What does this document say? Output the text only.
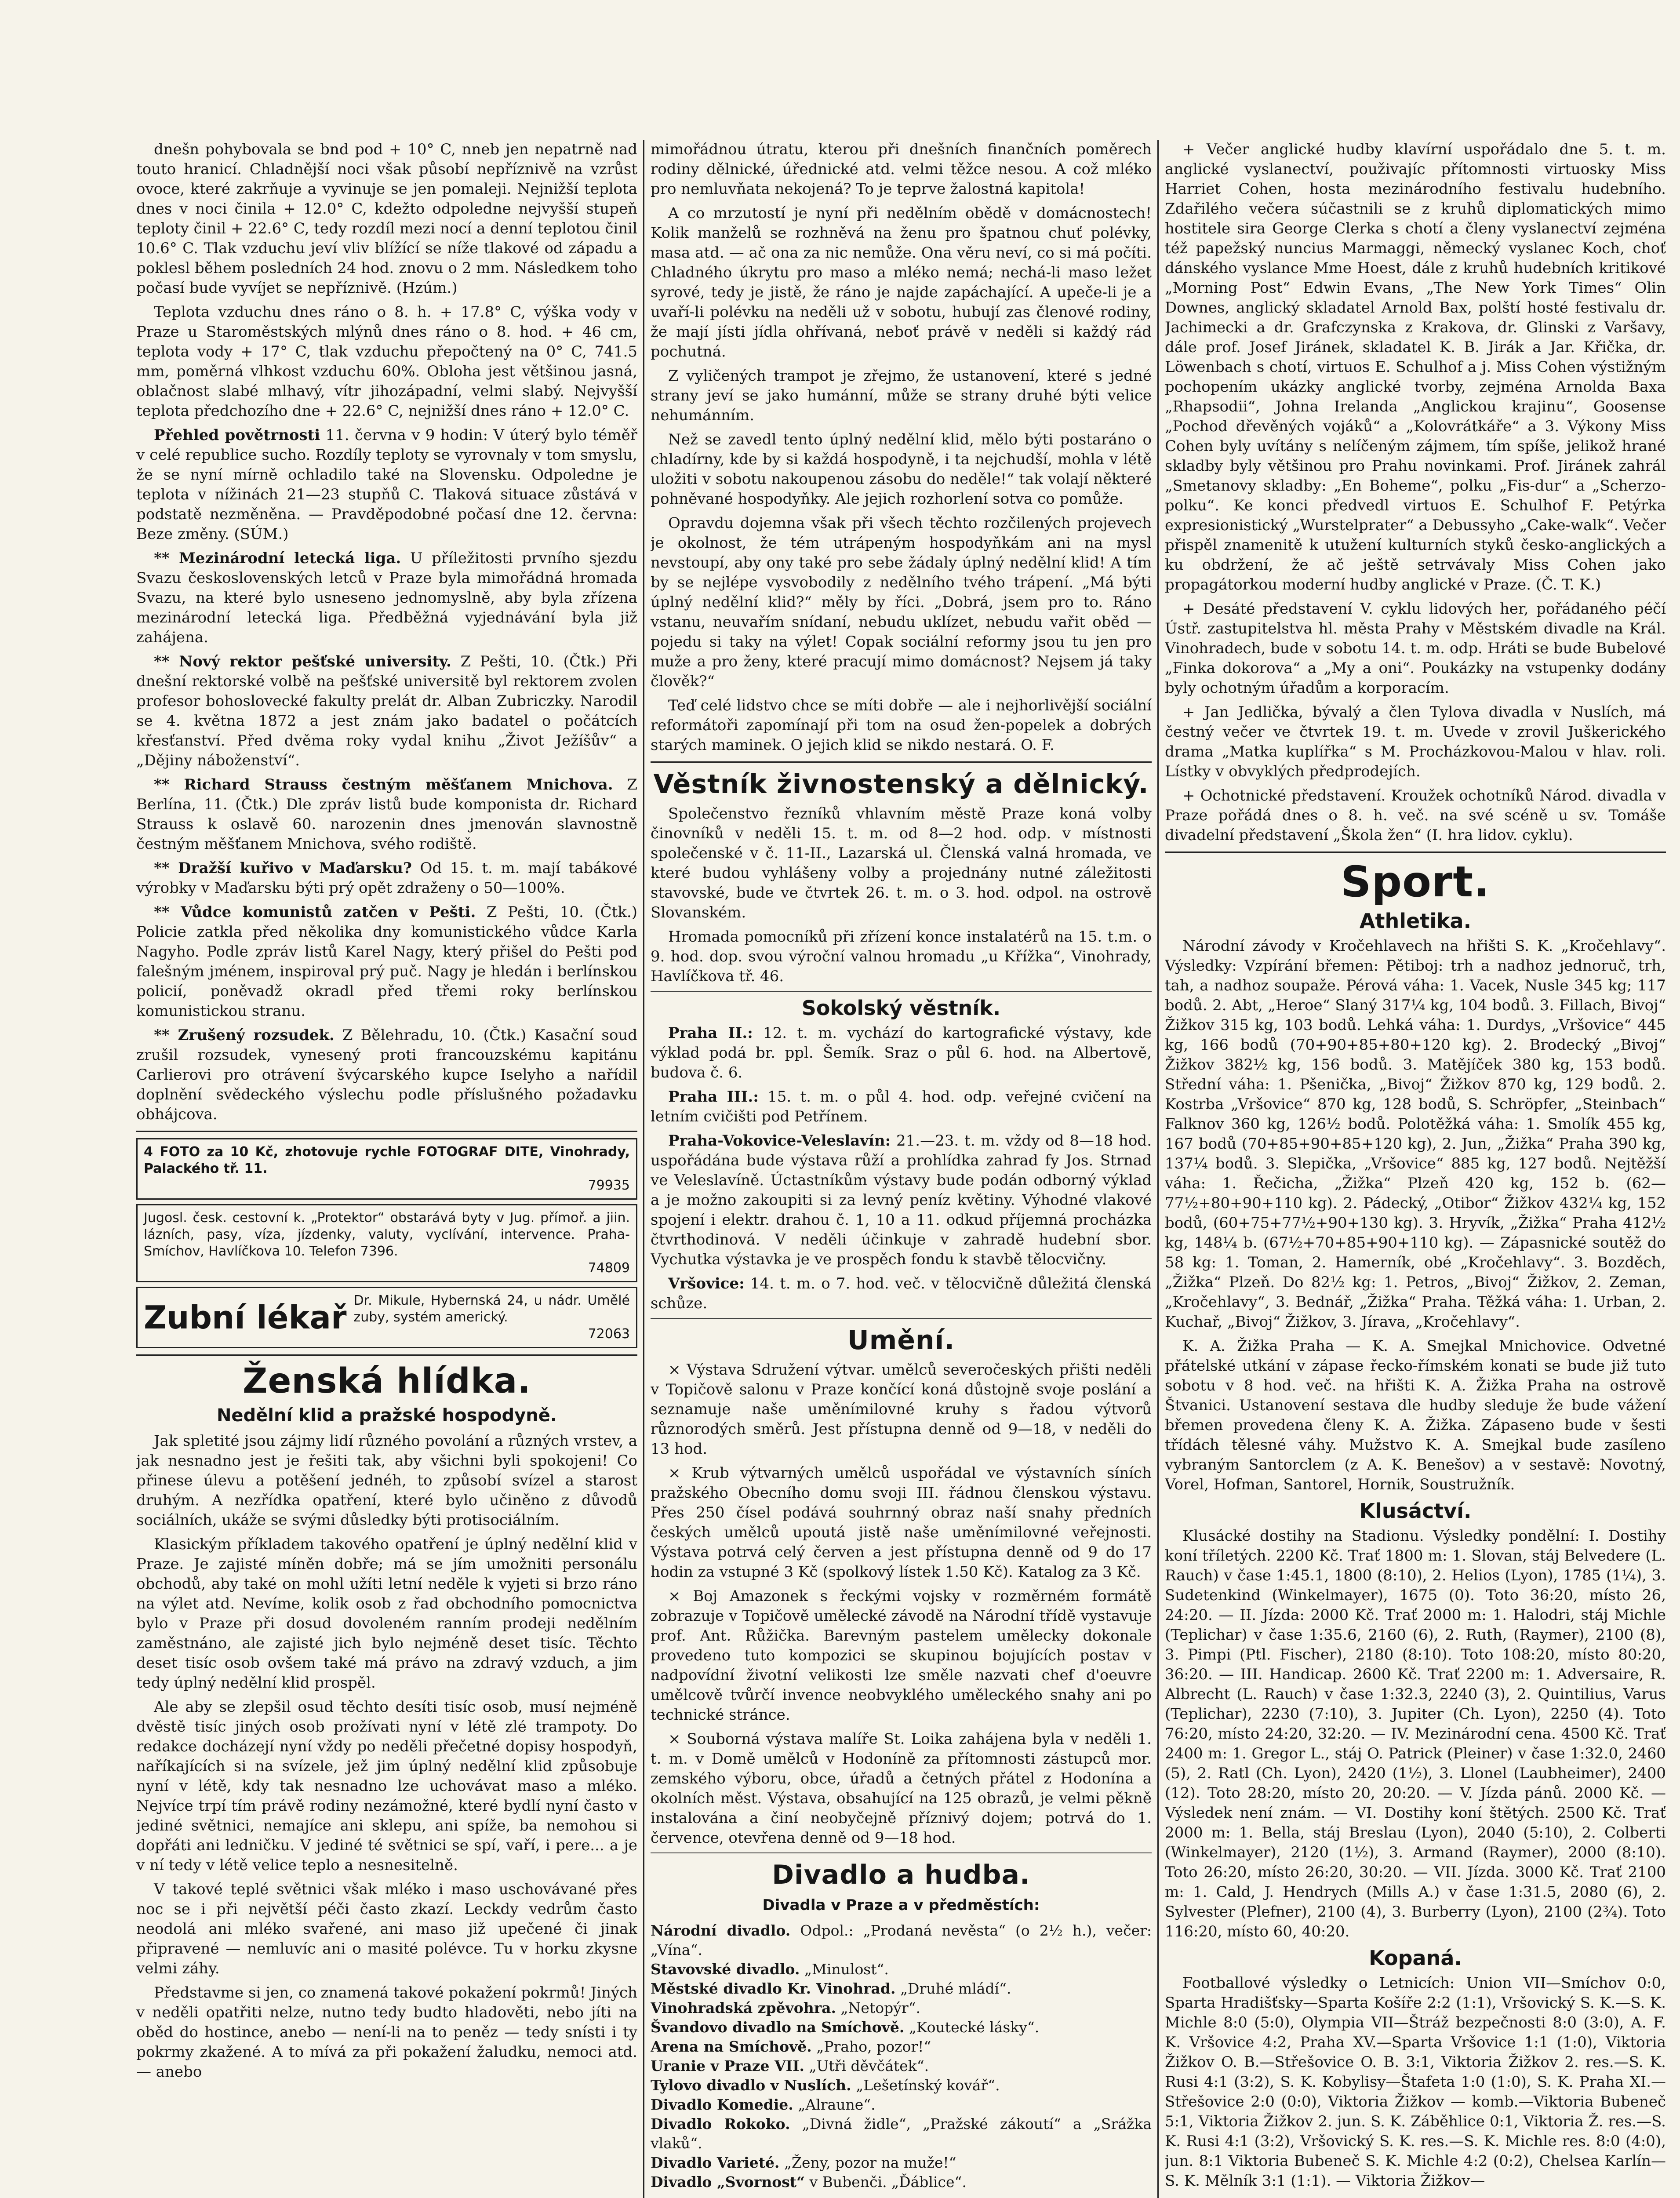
dnešn pohybovala se bnd pod + 10° C, nneb jen nepatrně nad touto hranicí. Chladnější noci však působí nepříznivě na vzrůst ovoce, které zakrňuje a vyvinuje se jen pomaleji. Nejnižší teplota dnes v noci činila + 12.0° C, kdežto odpoledne nejvyšší stupeň teploty činil + 22.6° C, tedy rozdíl mezi nocí a denní teplotou činil 10.6° C. Tlak vzduchu jeví vliv blížící se níže tlakové od západu a poklesl během posledních 24 hod. znovu o 2 mm. Následkem toho počasí bude vyvíjet se nepříznivě. (Hzúm.)

Teplota vzduchu dnes ráno o 8. h. + 17.8° C, výška vody v Praze u Staroměstských mlýnů dnes ráno o 8. hod. + 46 cm, teplota vody + 17° C, tlak vzduchu přepočtený na 0° C, 741.5 mm, poměrná vlhkost vzduchu 60%. Obloha jest většinou jasná, oblačnost slabé mlhavý, vítr jihozápadní, velmi slabý. Nejvyšší teplota předchozího dne + 22.6° C, nejnižší dnes ráno + 12.0° C.

Přehled povětrnosti 11. června v 9 hodin: V úterý bylo téměř v celé republice sucho. Rozdíly teploty se vyrovnaly v tom smyslu, že se nyní mírně ochladilo také na Slovensku. Odpoledne je teplota v nížinách 21—23 stupňů C. Tlaková situace zůstává v podstatě nezměněna. — Pravděpodobné počasí dne 12. června: Beze změny. (SÚM.)

** Mezinárodní letecká liga. U příležitosti prvního sjezdu Svazu československých letců v Praze byla mimořádná hromada Svazu, na které bylo usneseno jednomyslně, aby byla zřízena mezinárodní letecká liga. Předběžná vyjednávání byla již zahájena.

** Nový rektor pešťské university. Z Pešti, 10. (Čtk.) Při dnešní rektorské volbě na pešťské universitě byl rektorem zvolen profesor bohoslovecké fakulty prelát dr. Alban Zubriczky. Narodil se 4. května 1872 a jest znám jako badatel o počátcích křesťanství. Před dvěma roky vydal knihu „Život Ježíšův“ a „Dějiny náboženství“.

** Richard Strauss čestným měšťanem Mnichova. Z Berlína, 11. (Čtk.) Dle zpráv listů bude komponista dr. Richard Strauss k oslavě 60. narozenin dnes jmenován slavnostně čestným měšťanem Mnichova, svého rodiště.

** Dražší kuřivo v Maďarsku? Od 15. t. m. mají tabákové výrobky v Maďarsku býti prý opět zdraženy o 50—100%.

** Vůdce komunistů zatčen v Pešti. Z Pešti, 10. (Čtk.) Policie zatkla před několika dny komunistického vůdce Karla Nagyho. Podle zpráv listů Karel Nagy, který přišel do Pešti pod falešným jménem, inspiroval prý puč. Nagy je hledán i berlínskou policií, poněvadž okradl před třemi roky berlínskou komunistickou stranu.

** Zrušený rozsudek. Z Bělehradu, 10. (Čtk.) Kasační soud zrušil rozsudek, vynesený proti francouzskému kapitánu Carlierovi pro otrávení švýcarského kupce Iselyho a nařídil doplnění svědeckého výslechu podle příslušného požadavku obhájcova.

4 FOTO za 10 Kč, zhotovuje rychle FOTOGRAF DITE, Vinohrady, Palackého tř. 11.
79935
Jugosl. česk. cestovní k. „Protektor“ obstarává byty v Jug. přímoř. a jiin. lázních, pasy, víza, jízdenky, valuty, vyclívání, intervence. Praha-Smíchov, Havlíčkova 10. Telefon 7396.
74809
Zubní lékař Dr. Mikule, Hybernská 24, u nádr. Umělé zuby, systém americký.
72063
Ženská hlídka.
Nedělní klid a pražské hospodyně.

Jak spletité jsou zájmy lidí různého povolání a různých vrstev, a jak nesnadno jest je řešiti tak, aby všichni byli spokojeni! Co přinese úlevu a potěšení jednéh, to způsobí svízel a starost druhým. A nezřídka opatření, které bylo učiněno z důvodů sociálních, ukáže se svými důsledky býti protisociálním.

Klasickým příkladem takového opatření je úplný nedělní klid v Praze. Je zajisté míněn dobře; má se jím umožniti personálu obchodů, aby také on mohl užíti letní neděle k vyjeti si brzo ráno na výlet atd. Nevíme, kolik osob z řad obchodního pomocnictva bylo v Praze při dosud dovoleném ranním prodeji nedělním zaměstnáno, ale zajisté jich bylo nejméně deset tisíc. Těchto deset tisíc osob ovšem také má právo na zdravý vzduch, a jim tedy úplný nedělní klid prospěl.

Ale aby se zlepšil osud těchto desíti tisíc osob, musí nejméně dvěstě tisíc jiných osob prožívati nyní v létě zlé trampoty. Do redakce docházejí nyní vždy po neděli přečetné dopisy hospodyň, naříkajících si na svízele, jež jim úplný nedělní klid způsobuje nyní v létě, kdy tak nesnadno lze uchovávat maso a mléko. Nejvíce trpí tím právě rodiny nezámožné, které bydlí nyní často v jediné světnici, nemajíce ani sklepu, ani spíže, ba nemohou si dopřáti ani ledničku. V jediné té světnici se spí, vaří, i pere... a je v ní tedy v létě velice teplo a nesnesitelně.

V takové teplé světnici však mléko i maso uschovávané přes noc se i při největší péči často zkazí. Leckdy vedrům často neodolá ani mléko svařené, ani maso již upečené či jinak připravené — nemluvíc ani o masité polévce. Tu v horku zkysne velmi záhy.

Představme si jen, co znamená takové pokažení pokrmů! Jiných v neděli opatřiti nelze, nutno tedy budto hladověti, nebo jíti na oběd do hostince, anebo — není-li na to peněz — tedy snísti i ty pokrmy zkažené. A to mívá za při pokažení žaludku, nemoci atd. — anebo

mimořádnou útratu, kterou při dnešních finančních poměrech rodiny dělnické, úřednické atd. velmi těžce nesou. A což mléko pro nemluvňata nekojená? To je teprve žalostná kapitola!

A co mrzutostí je nyní při nedělním obědě v domácnostech! Kolik manželů se rozhněvá na ženu pro špatnou chuť polévky, masa atd. — ač ona za nic nemůže. Ona věru neví, co si má počíti. Chladného úkrytu pro maso a mléko nemá; nechá-li maso ležet syrové, tedy je jistě, že ráno je najde zapáchající. A upeče-li je a uvaří-li polévku na neděli už v sobotu, hubují zas členové rodiny, že mají jísti jídla ohřívaná, neboť právě v neděli si každý rád pochutná.

Z vyličených trampot je zřejmo, že ustanovení, které s jedné strany jeví se jako humánní, může se strany druhé býti velice nehumánním.

Než se zavedl tento úplný nedělní klid, mělo býti postaráno o chladírny, kde by si každá hospodyně, i ta nejchudší, mohla v létě uložiti v sobotu nakoupenou zásobu do neděle!“ tak volají některé pohněvané hospodyňky. Ale jejich rozhorlení sotva co pomůže.

Opravdu dojemna však při všech těchto rozčilených projevech je okolnost, že tém utrápeným hospodyňkám ani na mysl nevstoupí, aby ony také pro sebe žádaly úplný nedělní klid! A tím by se nejlépe vysvobodily z nedělního tvého trápení. „Má býti úplný nedělní klid?“ měly by říci. „Dobrá, jsem pro to. Ráno vstanu, neuvařím snídaní, nebudu uklízet, nebudu vařit oběd — pojedu si taky na výlet! Copak sociální reformy jsou tu jen pro muže a pro ženy, které pracují mimo domácnost? Nejsem já taky člověk?“

Teď celé lidstvo chce se míti dobře — ale i nejhorlivější sociální reformátoři zapomínají při tom na osud žen-popelek a dobrých starých maminek. O jejich klid se nikdo nestará. O. F.

Věstník živnostenský a dělnický.

Společenstvo řezníků vhlavním městě Praze koná volby činovníků v neděli 15. t. m. od 8—2 hod. odp. v místnosti společenské v č. 11-II., Lazarská ul. Členská valná hromada, ve které budou vyhlášeny volby a projednány nutné záležitosti stavovské, bude ve čtvrtek 26. t. m. o 3. hod. odpol. na ostrově Slovanském.

Hromada pomocníků při zřízení konce instalatérů na 15. t.m. o 9. hod. dop. svou výroční valnou hromadu „u Křížka“, Vinohrady, Havlíčkova tř. 46.

Sokolský věstník.

Praha II.: 12. t. m. vychází do kartografické výstavy, kde výklad podá br. ppl. Šemík. Sraz o půl 6. hod. na Albertově, budova č. 6.

Praha III.: 15. t. m. o půl 4. hod. odp. veřejné cvičení na letním cvičišti pod Petřínem.

Praha-Vokovice-Veleslavín: 21.—23. t. m. vždy od 8—18 hod. uspořádána bude výstava růží a prohlídka zahrad fy Jos. Strnad ve Veleslavíně. Úctastníkům výstavy bude podán odborný výklad a je možno zakoupiti si za levný peníz květiny. Výhodné vlakové spojení i elektr. drahou č. 1, 10 a 11. odkud příjemná procházka čtvrthodinová. V neděli účinkuje v zahradě hudební sbor. Vychutka výstavka je ve prospěch fondu k stavbě tělocvičny.

Vršovice: 14. t. m. o 7. hod. več. v tělocvičně důležitá členská schůze.

Umění.

× Výstava Sdružení výtvar. umělců severočeských přišti neděli v Topičově salonu v Praze končící koná důstojně svoje poslání a seznamuje naše uměnímilovné kruhy s řadou výtvorů různorodých směrů. Jest přístupna denně od 9—18, v neděli do 13 hod.

× Krub výtvarných umělců uspořádal ve výstavních síních pražského Obecního domu svoji III. řádnou členskou výstavu. Přes 250 čísel podává souhrnný obraz naší snahy předních českých umělců upoutá jistě naše uměnímilovné veřejnosti. Výstava potrvá celý červen a jest přístupna denně od 9 do 17 hodin za vstupné 3 Kč (spolkový lístek 1.50 Kč). Katalog za 3 Kč.

× Boj Amazonek s řeckými vojsky v rozměrném formátě zobrazuje v Topičově umělecké závodě na Národní třídě vystavuje prof. Ant. Růžička. Barevným pastelem umělecky dokonale provedeno tuto kompozici se skupinou bojujících postav v nadpovídní životní velikosti lze směle nazvati chef d'oeuvre umělcově tvůrčí invence neobvyklého uměleckého snahy ani po technické stránce.

× Souborná výstava malíře St. Loika zahájena byla v neděli 1. t. m. v Domě umělců v Hodoníně za přítomnosti zástupců mor. zemského výboru, obce, úřadů a četných přátel z Hodonína a okolních měst. Výstava, obsahující na 125 obrazů, je velmi pěkně instalována a činí neobyčejně příznivý dojem; potrvá do 1. července, otevřena denně od 9—18 hod.

Divadlo a hudba.
Divadla v Praze a v předměstích:

Národní divadlo. Odpol.: „Prodaná nevěsta“ (o 2½ h.), večer: „Vína“.

Stavovské divadlo. „Minulost“.

Městské divadlo Kr. Vinohrad. „Druhé mládí“.

Vinohradská zpěvohra. „Netopýr“.

Švandovo divadlo na Smíchově. „Koutecké lásky“.

Arena na Smíchově. „Praho, pozor!“

Uranie v Praze VII. „Utři děvčátek“.

Tylovo divadlo v Nuslích. „Lešetínský kovář“.

Divadlo Komedie. „Alraune“.

Divadlo Rokoko. „Divná židle“, „Pražské zákoutí“ a „Srážka vlaků“.

Divadlo Varieté. „Ženy, pozor na muže!“

Divadlo „Svornost“ v Bubenči. „Ďáblice“.

+ Večer anglické hudby klavírní uspořádalo dne 5. t. m. anglické vyslanectví, použivajíc přítomnosti virtuosky Miss Harriet Cohen, hosta mezinárodního festivalu hudebního. Zdařilého večera súčastnili se z kruhů diplomatických mimo hostitele sira George Clerka s chotí a členy vyslanectví zejména též papežský nuncius Marmaggi, německý vyslanec Koch, choť dánského vyslance Mme Hoest, dále z kruhů hudebních kritikové „Morning Post“ Edwin Evans, „The New York Times“ Olin Downes, anglický skladatel Arnold Bax, polští hosté festivalu dr. Jachimecki a dr. Grafczynska z Krakova, dr. Glinski z Varšavy, dále prof. Josef Jiránek, skladatel K. B. Jirák a Jar. Křička, dr. Löwenbach s chotí, virtuos E. Schulhof a j. Miss Cohen výstižným pochopením ukázky anglické tvorby, zejména Arnolda Baxa „Rhapsodii“, Johna Irelanda „Anglickou krajinu“, Goosense „Pochod dřevěných vojáků“ a „Kolovrátkáře“ a 3. Výkony Miss Cohen byly uvítány s nelíčeným zájmem, tím spíše, jelikož hrané skladby byly většinou pro Prahu novinkami. Prof. Jiránek zahrál „Smetanovy skladby: „En Boheme“, polku „Fis-dur“ a „Scherzo-polku“. Ke konci předvedl virtuos E. Schulhof F. Petýrka expresionistický „Wurstelprater“ a Debussyho „Cake-walk“. Večer přispěl znamenitě k utužení kulturních styků česko-anglických a ku obdržení, že ač ještě setrvávaly Miss Cohen jako propagátorkou moderní hudby anglické v Praze. (Č. T. K.)

+ Desáté představení V. cyklu lidových her, pořádaného péčí Ústř. zastupitelstva hl. města Prahy v Městském divadle na Král. Vinohradech, bude v sobotu 14. t. m. odp. Hráti se bude Bubelové „Finka dokorova“ a „My a oni“. Poukázky na vstupenky dodány byly ochotným úřadům a korporacím.

+ Jan Jedlička, bývalý a člen Tylova divadla v Nuslích, má čestný večer ve čtvrtek 19. t. m. Uvede v zrovil Juškerického drama „Matka kuplířka“ s M. Procházkovou-Malou v hlav. roli. Lístky v obvyklých předprodejích.

+ Ochotnické představení. Kroužek ochotníků Národ. divadla v Praze pořádá dnes o 8. h. več. na své scéně u sv. Tomáše divadelní představení „Škola žen“ (I. hra lidov. cyklu).

Sport.
Athletika.

Národní závody v Kročehlavech na hřišti S. K. „Kročehlavy“. Výsledky: Vzpírání břemen: Pětiboj: trh a nadhoz jednoruč, trh, tah, a nadhoz soupaže. Pérová váha: 1. Vacek, Nusle 345 kg; 117 bodů. 2. Abt, „Heroe“ Slaný 317¼ kg, 104 bodů. 3. Fillach, Bivoj“ Žižkov 315 kg, 103 bodů. Lehká váha: 1. Durdys, „Vršovice“ 445 kg, 166 bodů (70+90+85+80+120 kg). 2. Brodecký „Bivoj“ Žižkov 382½ kg, 156 bodů. 3. Matějíček 380 kg, 153 bodů. Střední váha: 1. Pšenička, „Bivoj“ Žižkov 870 kg, 129 bodů. 2. Kostrba „Vršovice“ 870 kg, 128 bodů, S. Schröpfer, „Steinbach“ Falknov 360 kg, 126½ bodů. Polotěžká váha: 1. Smolík 455 kg, 167 bodů (70+85+90+85+120 kg), 2. Jun, „Žižka“ Praha 390 kg, 137¼ bodů. 3. Slepička, „Vršovice“ 885 kg, 127 bodů. Nejtěžší váha: 1. Řečicha, „Žižka“ Plzeň 420 kg, 152 b. (62—77½+80+90+110 kg). 2. Pádecký, „Otibor“ Žižkov 432¼ kg, 152 bodů, (60+75+77½+90+130 kg). 3. Hryvík, „Žižka“ Praha 412½ kg, 148¼ b. (67½+70+85+90+110 kg). — Zápasnické soutěž do 58 kg: 1. Toman, 2. Hamerník, obé „Kročehlavy“. 3. Bozděch, „Žižka“ Plzeň. Do 82½ kg: 1. Petros, „Bivoj“ Žižkov, 2. Zeman, „Kročehlavy“, 3. Bednář, „Žižka“ Praha. Těžká váha: 1. Urban, 2. Kuchař, „Bivoj“ Žižkov, 3. Jírava, „Kročehlavy“.

K. A. Žižka Praha — K. A. Smejkal Mnichovice. Odvetné přátelské utkání v zápase řecko-římském konati se bude již tuto sobotu v 8 hod. več. na hřišti K. A. Žižka Praha na ostrově Štvanici. Ustanovení sestava dle hudby sleduje že bude vážení břemen provedena členy K. A. Žižka. Zápaseno bude v šesti třídách tělesné váhy. Mužstvo K. A. Smejkal bude zasíleno vybraným Santorclem (z A. K. Benešov) a v sestavě: Novotný, Vorel, Hofman, Santorel, Hornik, Soustružník.

Klusáctví.

Klusácké dostihy na Stadionu. Výsledky pondělní: I. Dostihy koní tříletých. 2200 Kč. Trať 1800 m: 1. Slovan, stáj Belvedere (L. Rauch) v čase 1:45.1, 1800 (8:10), 2. Helios (Lyon), 1785 (1¼), 3. Sudetenkind (Winkelmayer), 1675 (0). Toto 36:20, místo 26, 24:20. — II. Jízda: 2000 Kč. Trať 2000 m: 1. Halodri, stáj Michle (Teplichar) v čase 1:35.6, 2160 (6), 2. Ruth, (Raymer), 2100 (8), 3. Pimpi (Ptl. Fischer), 2180 (8:10). Toto 108:20, místo 80:20, 36:20. — III. Handicap. 2600 Kč. Trať 2200 m: 1. Adversaire, R. Albrecht (L. Rauch) v čase 1:32.3, 2240 (3), 2. Quintilius, Varus (Teplichar), 2230 (7:10), 3. Jupiter (Ch. Lyon), 2250 (4). Toto 76:20, místo 24:20, 32:20. — IV. Mezinárodní cena. 4500 Kč. Trať 2400 m: 1. Gregor L., stáj O. Patrick (Pleiner) v čase 1:32.0, 2460 (5), 2. Ratl (Ch. Lyon), 2420 (1½), 3. Llonel (Laubheimer), 2400 (12). Toto 28:20, místo 20, 20:20. — V. Jízda pánů. 2000 Kč. — Výsledek není znám. — VI. Dostihy koní štětých. 2500 Kč. Trať 2000 m: 1. Bella, stáj Breslau (Lyon), 2040 (5:10), 2. Colberti (Winkelmayer), 2120 (1½), 3. Armand (Raymer), 2000 (8:10). Toto 26:20, místo 26:20, 30:20. — VII. Jízda. 3000 Kč. Trať 2100 m: 1. Cald, J. Hendrych (Mills A.) v čase 1:31.5, 2080 (6), 2. Sylvester (Plefner), 2100 (4), 3. Burberry (Lyon), 2100 (2¾). Toto 116:20, místo 60, 40:20.

Kopaná.

Footballové výsledky o Letnicích: Union VII—Smíchov 0:0, Sparta Hradišťsky—Sparta Košíře 2:2 (1:1), Vršovický S. K.—S. K. Michle 8:0 (5:0), Olympia VII—Štráž bezpečnosti 8:0 (3:0), A. F. K. Vršovice 4:2, Praha XV.—Sparta Vršovice 1:1 (1:0), Viktoria Žižkov O. B.—Střešovice O. B. 3:1, Viktoria Žižkov 2. res.—S. K. Rusi 4:1 (3:2), S. K. Kobylisy—Štafeta 1:0 (1:0), S. K. Praha XI.—Střešovice 2:0 (0:0), Viktoria Žižkov — komb.—Viktoria Bubeneč 5:1, Viktoria Žižkov 2. jun. S. K. Záběhlice 0:1, Viktoria Ž. res.—S. K. Rusi 4:1 (3:2), Vršovický S. K. res.—S. K. Michle res. 8:0 (4:0), jun. 8:1 Viktoria Bubeneč S. K. Michle 4:2 (0:2), Chelsea Karlín—S. K. Mělník 3:1 (1:1). — Viktoria Žižkov—
